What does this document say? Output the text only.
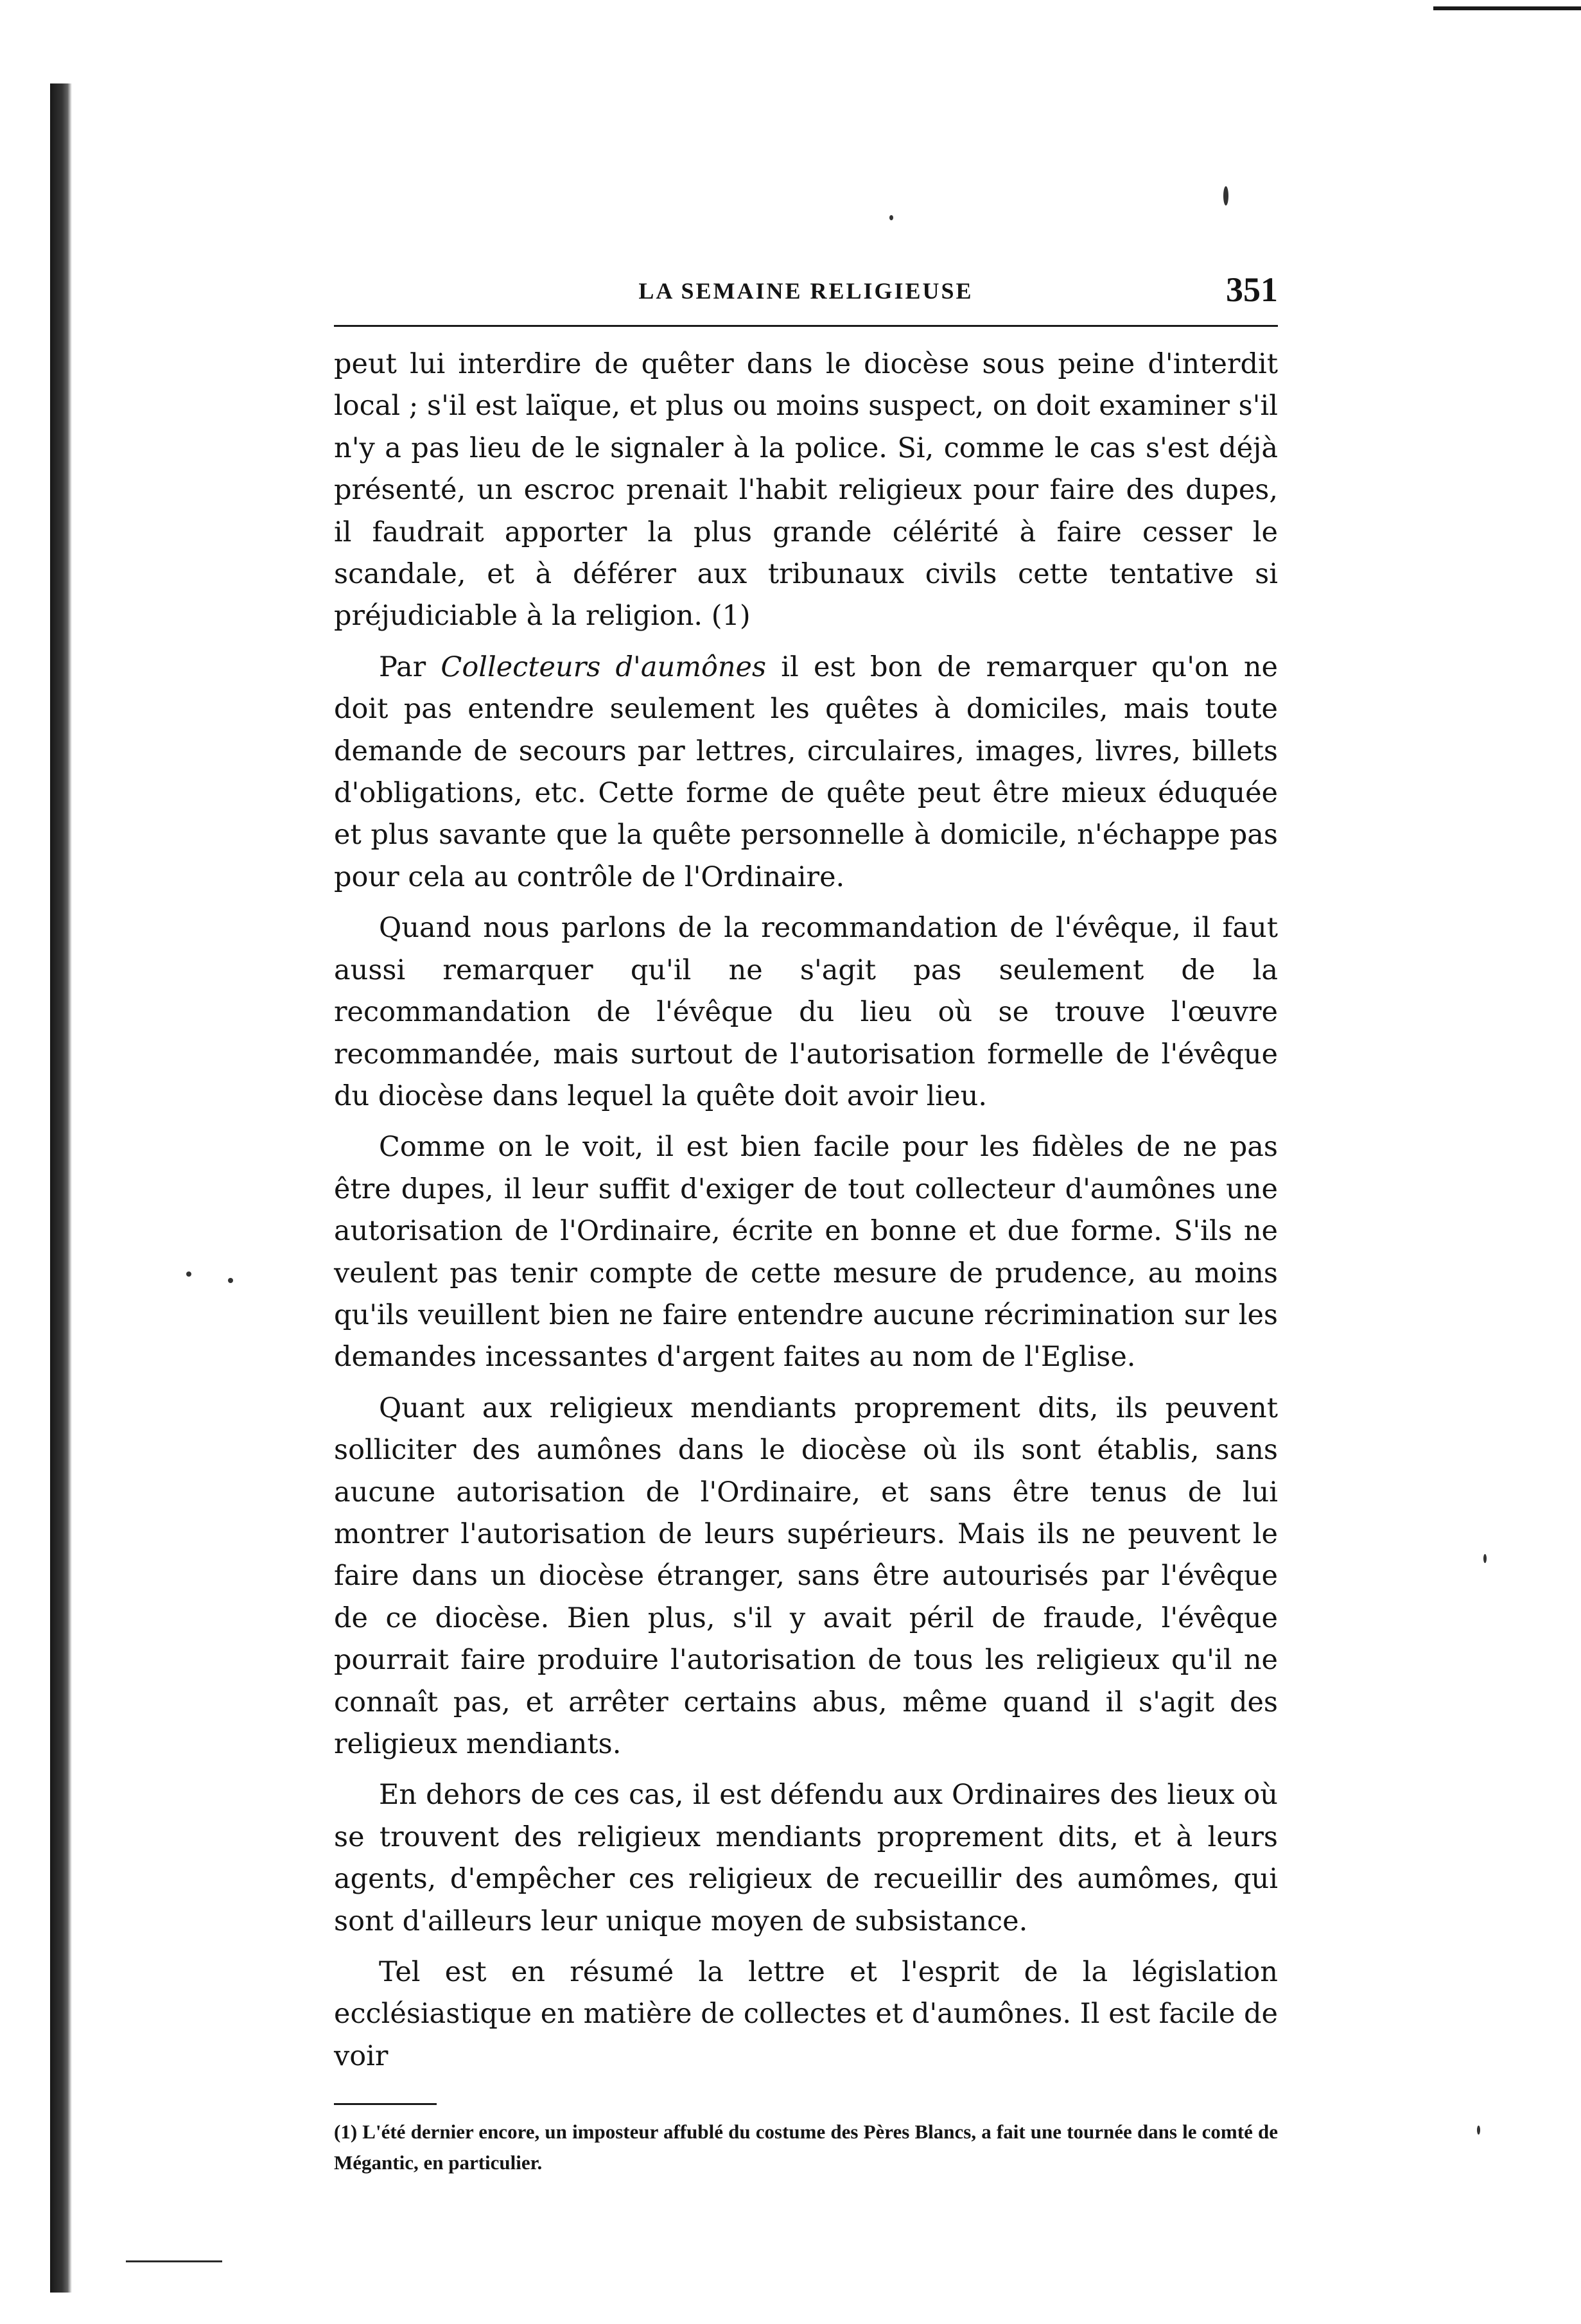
LA SEMAINE RELIGIEUSE	351

peut lui interdire de quêter dans le diocèse sous peine d'interdit local ; s'il est laïque, et plus ou moins suspect, on doit examiner s'il n'y a pas lieu de le signaler à la police. Si, comme le cas s'est déjà présenté, un escroc prenait l'habit religieux pour faire des dupes, il faudrait apporter la plus grande célérité à faire cesser le scandale, et à déférer aux tribunaux civils cette tentative si préjudiciable à la religion. (1)

Par Collecteurs d'aumônes il est bon de remarquer qu'on ne doit pas entendre seulement les quêtes à domiciles, mais toute demande de secours par lettres, circulaires, images, livres, billets d'obligations, etc. Cette forme de quête peut être mieux éduquée et plus savante que la quête personnelle à domicile, n'échappe pas pour cela au contrôle de l'Ordinaire.

Quand nous parlons de la recommandation de l'évêque, il faut aussi remarquer qu'il ne s'agit pas seulement de la recommandation de l'évêque du lieu où se trouve l'œuvre recommandée, mais surtout de l'autorisation formelle de l'évêque du diocèse dans lequel la quête doit avoir lieu.

Comme on le voit, il est bien facile pour les fidèles de ne pas être dupes, il leur suffit d'exiger de tout collecteur d'aumônes une autorisation de l'Ordinaire, écrite en bonne et due forme. S'ils ne veulent pas tenir compte de cette mesure de prudence, au moins qu'ils veuillent bien ne faire entendre aucune récrimination sur les demandes incessantes d'argent faites au nom de l'Eglise.

Quant aux religieux mendiants proprement dits, ils peuvent solliciter des aumônes dans le diocèse où ils sont établis, sans aucune autorisation de l'Ordinaire, et sans être tenus de lui montrer l'autorisation de leurs supérieurs. Mais ils ne peuvent le faire dans un diocèse étranger, sans être autourisés par l'évêque de ce diocèse. Bien plus, s'il y avait péril de fraude, l'évêque pourrait faire produire l'autorisation de tous les religieux qu'il ne connaît pas, et arrêter certains abus, même quand il s'agit des religieux mendiants.

En dehors de ces cas, il est défendu aux Ordinaires des lieux où se trouvent des religieux mendiants proprement dits, et à leurs agents, d'empêcher ces religieux de recueillir des aumômes, qui sont d'ailleurs leur unique moyen de subsistance.

Tel est en résumé la lettre et l'esprit de la législation ecclésiastique en matière de collectes et d'aumônes. Il est facile de voir

(1) L'été dernier encore, un imposteur affublé du costume des Pères Blancs, a fait une tournée dans le comté de Mégantic, en particulier.
